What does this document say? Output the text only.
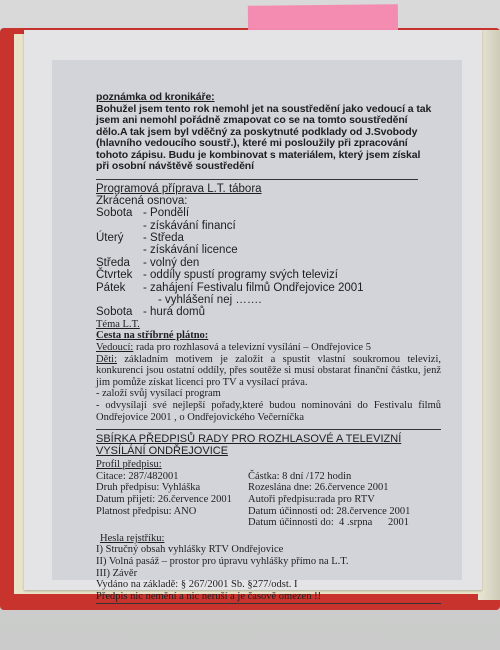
poznámka od kronikáře:
Bohužel jsem tento rok nemohl jet na soustředění jako vedoucí a tak
jsem ani nemohl pořádně zmapovat co se na tomto soustředění
dělo.A tak jsem byl vděčný za poskytnuté podklady od J.Svobody
(hlavního vedoucího soustř.), které mi posloužily při zpracování
tohoto zápisu. Budu je kombinovat s materiálem, který jsem získal
při osobní návštěvě soustředění
Programová příprava L.T. tábora
Zkrácená osnova:
Sobota - Pondělí
- získávání financí
Úterý - Středa
- získávání licence
Středa - volný den
Čtvrtek - oddíly spustí programy svých televizí
Pátek - zahájení Festivalu filmů Ondřejovice 2001
- vyhlášení nej …….
Sobota - hurá domů
Téma L.T.
Cesta na stříbrné plátno:
Vedoucí: rada pro rozhlasová a televizní vysílání – Ondřejovice 5
Děti: základním motivem je založit a spustit vlastní soukromou televizi, konkurenci jsou ostatní oddíly, přes soutěže si musí obstarat finanční částku, jenž jim pomůže získat licenci pro TV a vysílací práva.
- založí svůj vysílací program
- odvysílají své nejlepší pořady,které budou nominováni do Festivalu filmů Ondřejovice 2001 , o Ondřejovického Večerníčka
SBÍRKA PŘEDPISŮ RADY PRO ROZHLASOVÉ A TELEVIZNÍ VYSÍLÁNÍ ONDŘEJOVICE
Profil předpisu:
Citace: 287/482001	Částka: 8 dní /172 hodin
Druh předpisu: Vyhláška	Rozeslána dne: 26.července 2001
Datum přijetí: 26.července 2001 Autoři předpisu:rada pro RTV
Platnost předpisu: ANO	Datum účinnosti od: 28.července 2001
Datum účinnosti do:  4 .srpna      2001
Hesla rejstříku:
I) Stručný obsah vyhlášky RTV Ondřejovice
II) Volná pasáž – prostor pro úpravu vyhlášky přímo na L.T.
III) Závěr
Vydáno na základě: § 267/2001 Sb. §277/odst. I
Předpis nic nemění a nic neruší a je časově omezen !!
